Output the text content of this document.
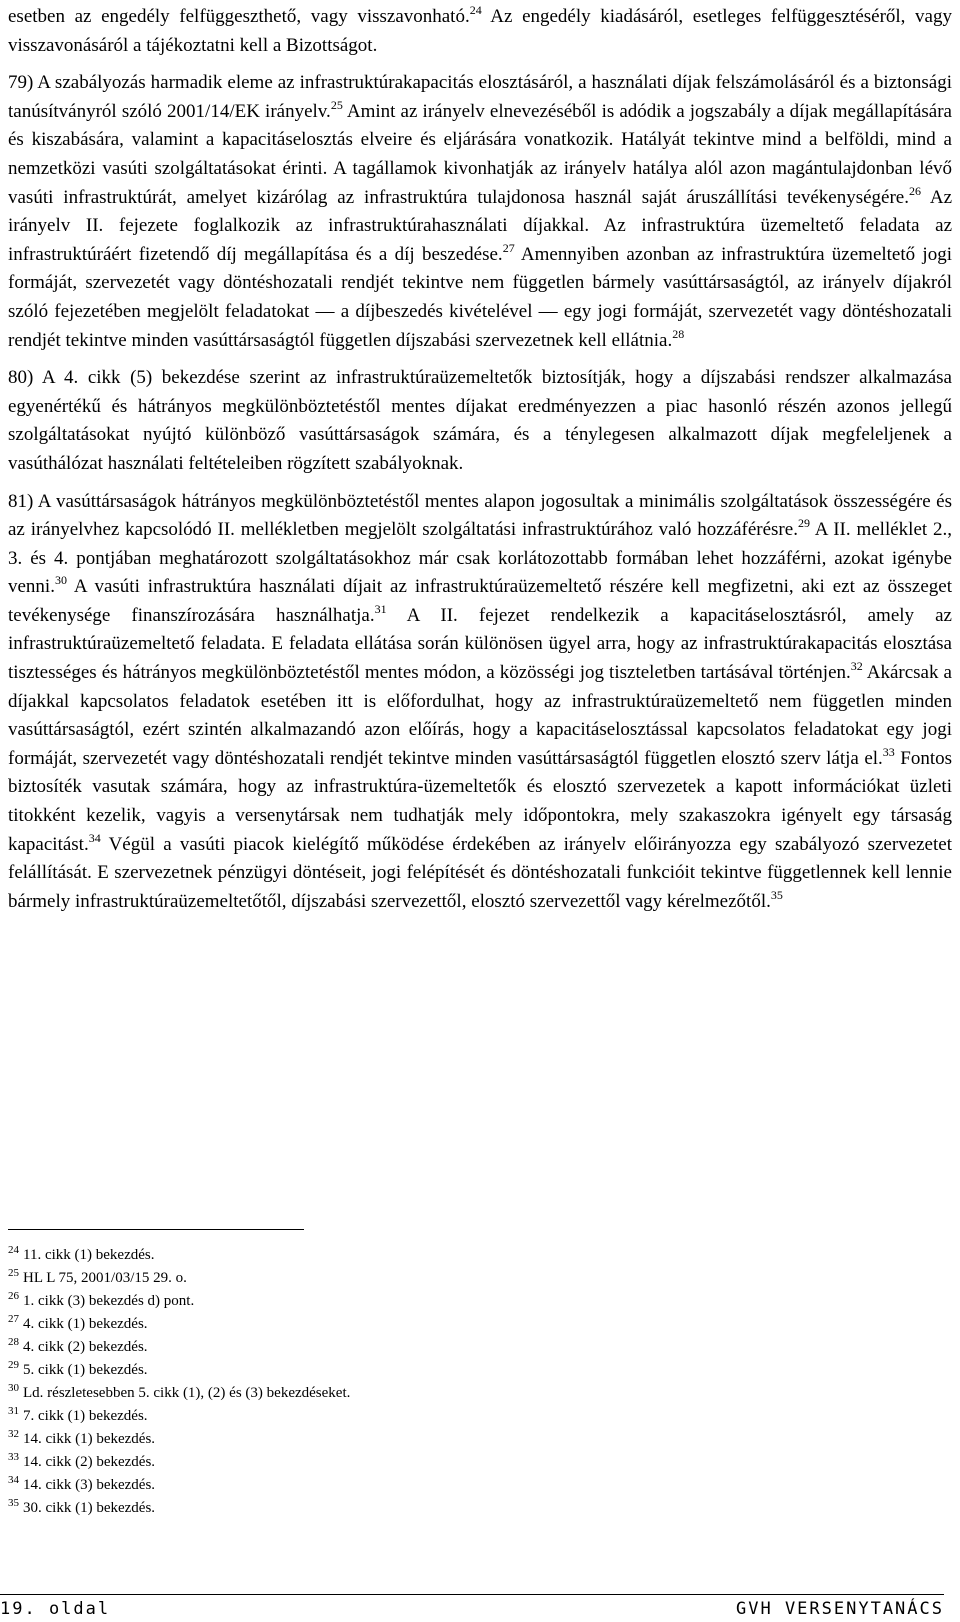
esetben az engedély felfüggeszthető, vagy visszavonható.$^{24}$ Az engedély kiadásáról, esetleges felfüggesztéséről, vagy visszavonásáról a tájékoztatni kell a Bizottságot.

79) A szabályozás harmadik eleme az infrastruktúrakapacitás elosztásáról, a használati díjak felszámolásáról és a biztonsági tanúsítványról szóló 2001/14/EK irányelv.$^{25}$ Amint az irányelv elnevezéséből is adódik a jogszabály a díjak megállapítására és kiszabására, valamint a kapacitáselosztás elveire és eljárására vonatkozik. Hatályát tekintve mind a belföldi, mind a nemzetközi vasúti szolgáltatásokat érinti. A tagállamok kivonhatják az irányelv hatálya alól azon magántulajdonban lévő vasúti infrastruktúrát, amelyet kizárólag az infrastruktúra tulajdonosa használ saját áruszállítási tevékenységére.$^{26}$ Az irányelv II. fejezete foglalkozik az infrastruktúrahasználati díjakkal. Az infrastruktúra üzemeltető feladata az infrastruktúráért fizetendő díj megállapítása és a díj beszedése.$^{27}$ Amennyiben azonban az infrastruktúra üzemeltető jogi formáját, szervezetét vagy döntéshozatali rendjét tekintve nem független bármely vasúttársaságtól, az irányelv díjakról szóló fejezetében megjelölt feladatokat — a díjbeszedés kivételével — egy jogi formáját, szervezetét vagy döntéshozatali rendjét tekintve minden vasúttársaságtól független díjszabási szervezetnek kell ellátnia.$^{28}$

80) A 4. cikk (5) bekezdése szerint az infrastruktúraüzemeltetők biztosítják, hogy a díjszabási rendszer alkalmazása egyenértékű és hátrányos megkülönböztetéstől mentes díjakat eredményezzen a piac hasonló részén azonos jellegű szolgáltatásokat nyújtó különböző vasúttársaságok számára, és a ténylegesen alkalmazott díjak megfeleljenek a vasúthálózat használati feltételeiben rögzített szabályoknak.

81) A vasúttársaságok hátrányos megkülönböztetéstől mentes alapon jogosultak a minimális szolgáltatások összességére és az irányelvhez kapcsolódó II. mellékletben megjelölt szolgáltatási infrastruktúrához való hozzáférésre.$^{29}$ A II. melléklet 2., 3. és 4. pontjában meghatározott szolgáltatásokhoz már csak korlátozottabb formában lehet hozzáférni, azokat igénybe venni.$^{30}$ A vasúti infrastruktúra használati díjait az infrastruktúraüzemeltető részére kell megfizetni, aki ezt az összeget tevékenysége finanszírozására használhatja.$^{31}$ A II. fejezet rendelkezik a kapacitáselosztásról, amely az infrastruktúraüzemeltető feladata. E feladata ellátása során különösen ügyel arra, hogy az infrastruktúrakapacitás elosztása tisztességes és hátrányos megkülönböztetéstől mentes módon, a közösségi jog tiszteletben tartásával történjen.$^{32}$ Akárcsak a díjakkal kapcsolatos feladatok esetében itt is előfordulhat, hogy az infrastruktúraüzemeltető nem független minden vasúttársaságtól, ezért szintén alkalmazandó azon előírás, hogy a kapacitáselosztással kapcsolatos feladatokat egy jogi formáját, szervezetét vagy döntéshozatali rendjét tekintve minden vasúttársaságtól független elosztó szerv látja el.$^{33}$ Fontos biztosíték vasutak számára, hogy az infrastruktúra-üzemeltetők és elosztó szervezetek a kapott információkat üzleti titokként kezelik, vagyis a versenytársak nem tudhatják mely időpontokra, mely szakaszokra igényelt egy társaság kapacitást.$^{34}$ Végül a vasúti piacok kielégítő működése érdekében az irányelv előirányozza egy szabályozó szervezetet felállítását. E szervezetnek pénzügyi döntéseit, jogi felépítését és döntéshozatali funkcióit tekintve függetlennek kell lennie bármely infrastruktúraüzemeltetőtől, díjszabási szervezettől, elosztó szervezettől vagy kérelmezőtől.$^{35}$

$^{24}$ 11. cikk (1) bekezdés.
$^{25}$ HL L 75, 2001/03/15 29. o.
$^{26}$ 1. cikk (3) bekezdés d) pont.
$^{27}$ 4. cikk (1) bekezdés.
$^{28}$ 4. cikk (2) bekezdés.
$^{29}$ 5. cikk (1) bekezdés.
$^{30}$ Ld. részletesebben 5. cikk (1), (2) és (3) bekezdéseket.
$^{31}$ 7. cikk (1) bekezdés.
$^{32}$ 14. cikk (1) bekezdés.
$^{33}$ 14. cikk (2) bekezdés.
$^{34}$ 14. cikk (3) bekezdés.
$^{35}$ 30. cikk (1) bekezdés.
19. oldal	GVH VERSENYTANÁCS
